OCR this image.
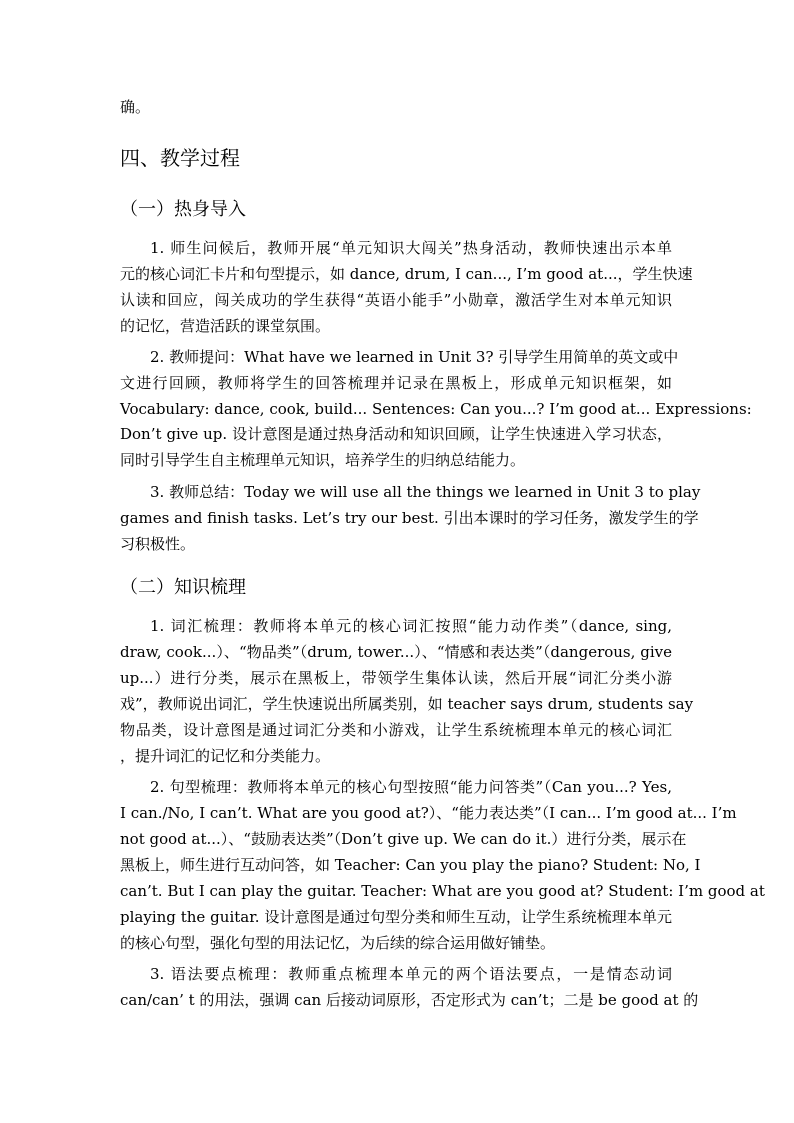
确。
四、教学过程
（一）热身导入
1. 师生问候后，教师开展“单元知识大闯关”热身活动，教师快速出示本单
元的核心词汇卡片和句型提示，如 dance, drum, I can..., I’m good at...，学生快速
认读和回应，闯关成功的学生获得“英语小能手”小勋章，激活学生对本单元知识
的记忆，营造活跃的课堂氛围。
2. 教师提问：What have we learned in Unit 3? 引导学生用简单的英文或中
文进行回顾，教师将学生的回答梳理并记录在黑板上，形成单元知识框架，如
Vocabulary: dance, cook, build... Sentences: Can you...? I’m good at... Expressions:
Don’t give up. 设计意图是通过热身活动和知识回顾，让学生快速进入学习状态，
同时引导学生自主梳理单元知识，培养学生的归纳总结能力。
3. 教师总结：Today we will use all the things we learned in Unit 3 to play
games and finish tasks. Let’s try our best. 引出本课时的学习任务，激发学生的学
习积极性。
（二）知识梳理
1. 词汇梳理：教师将本单元的核心词汇按照“能力动作类”（dance, sing,
draw, cook...）、“物品类”（drum, tower...）、“情感和表达类”（dangerous, give
up...）进行分类，展示在黑板上，带领学生集体认读，然后开展“词汇分类小游
戏”，教师说出词汇，学生快速说出所属类别，如 teacher says drum, students say
物品类，设计意图是通过词汇分类和小游戏，让学生系统梳理本单元的核心词汇
，提升词汇的记忆和分类能力。
2. 句型梳理：教师将本单元的核心句型按照“能力问答类”（Can you...? Yes,
I can./No, I can’t. What are you good at?）、“能力表达类”（I can... I’m good at... I’m
not good at...）、“鼓励表达类”（Don’t give up. We can do it.）进行分类，展示在
黑板上，师生进行互动问答，如 Teacher: Can you play the piano? Student: No, I
can’t. But I can play the guitar. Teacher: What are you good at? Student: I’m good at
playing the guitar. 设计意图是通过句型分类和师生互动，让学生系统梳理本单元
的核心句型，强化句型的用法记忆，为后续的综合运用做好铺垫。
3. 语法要点梳理：教师重点梳理本单元的两个语法要点，一是情态动词
can/can’ t 的用法，强调 can 后接动词原形，否定形式为 can’t；二是 be good at 的
